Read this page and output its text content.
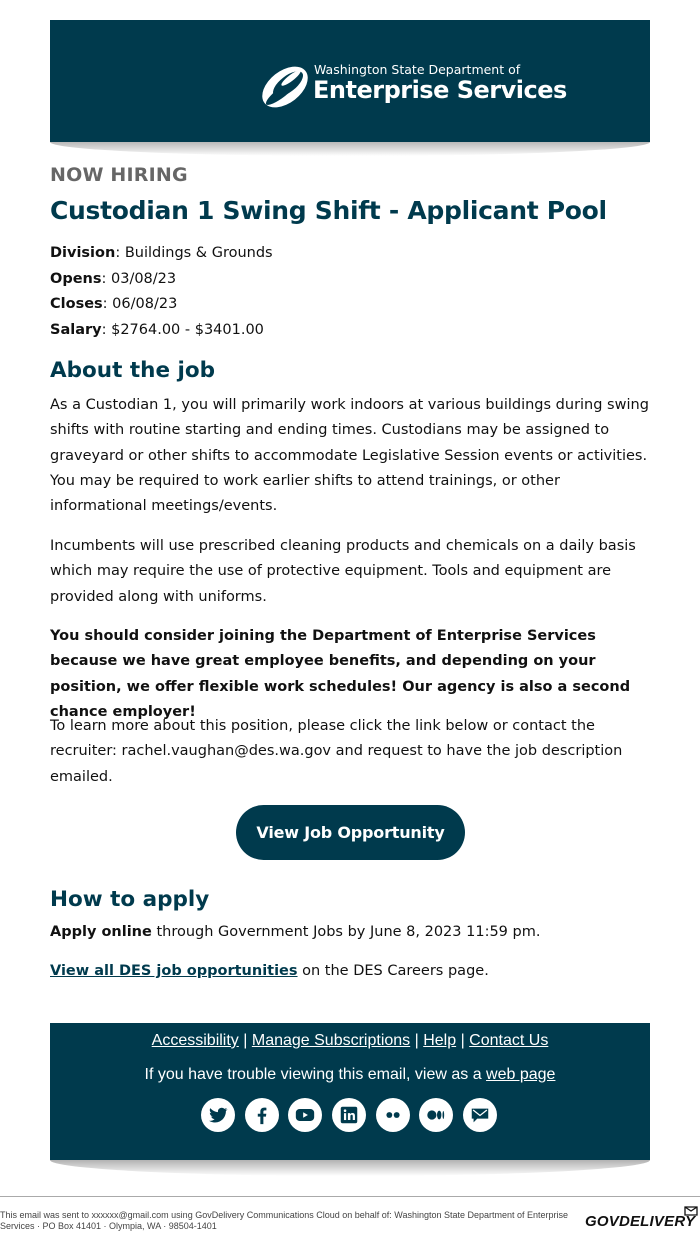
Washington State Department of
Enterprise Services
NOW HIRING
Custodian 1 Swing Shift - Applicant Pool
Division: Buildings & Grounds
Opens: 03/08/23
Closes: 06/08/23
Salary: $2764.00 - $3401.00
About the job

As a Custodian 1, you will primarily work indoors at various buildings during swing shifts with routine starting and ending times. Custodians may be assigned to graveyard or other shifts to accommodate Legislative Session events or activities. You may be required to work earlier shifts to attend trainings, or other informational meetings/events.

Incumbents will use prescribed cleaning products and chemicals on a daily basis which may require the use of protective equipment. Tools and equipment are provided along with uniforms.

You should consider joining the Department of Enterprise Services because we have great employee benefits, and depending on your position, we offer flexible work schedules! Our agency is also a second chance employer!

To learn more about this position, please click the link below or contact the recruiter: rachel.vaughan@des.wa.gov and request to have the job description emailed.

View Job Opportunity
How to apply
Apply online through Government Jobs by June 8, 2023 11:59 pm.
View all DES job opportunities on the DES Careers page.
Accessibility | Manage Subscriptions | Help | Contact Us
If you have trouble viewing this email, view as a web page
This email was sent to xxxxxx@gmail.com using GovDelivery Communications Cloud on behalf of: Washington State Department of Enterprise Services · PO Box 41401 · Olympia, WA · 98504-1401	GOVDELIVERY
